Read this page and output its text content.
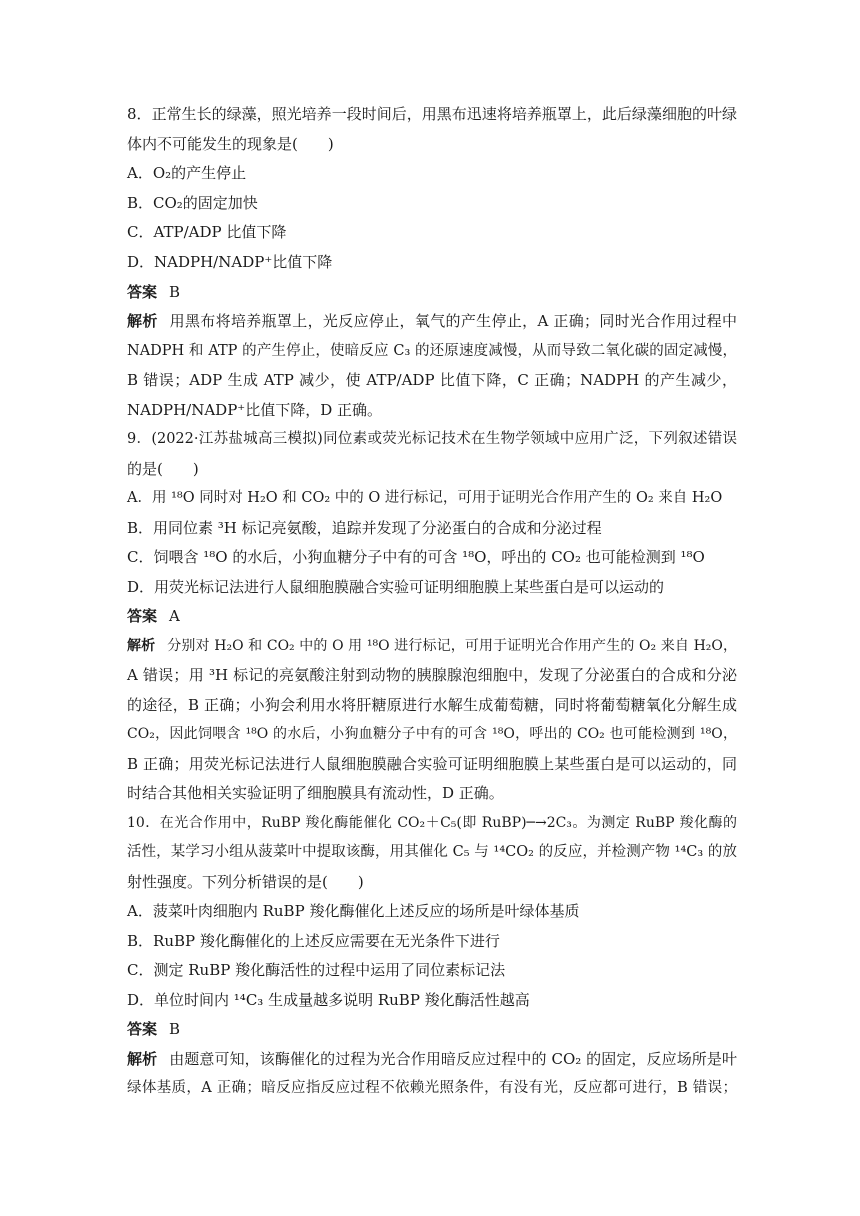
8．正常生长的绿藻，照光培养一段时间后，用黑布迅速将培养瓶罩上，此后绿藻细胞的叶绿
体内不可能发生的现象是(　　)
A．O₂的产生停止
B．CO₂的固定加快
C．ATP/ADP 比值下降
D．NADPH/NADP⁺比值下降
答案 B
解析 用黑布将培养瓶罩上，光反应停止，氧气的产生停止，A 正确；同时光合作用过程中
NADPH 和 ATP 的产生停止，使暗反应 C₃ 的还原速度减慢，从而导致二氧化碳的固定减慢，
B 错误；ADP 生成 ATP 减少，使 ATP/ADP 比值下降，C 正确；NADPH 的产生减少，
NADPH/NADP⁺比值下降，D 正确。
9．(2022·江苏盐城高三模拟)同位素或荧光标记技术在生物学领域中应用广泛，下列叙述错误
的是(　　)
A．用 ¹⁸O 同时对 H₂O 和 CO₂ 中的 O 进行标记，可用于证明光合作用产生的 O₂ 来自 H₂O
B．用同位素 ³H 标记亮氨酸，追踪并发现了分泌蛋白的合成和分泌过程
C．饲喂含 ¹⁸O 的水后，小狗血糖分子中有的可含 ¹⁸O，呼出的 CO₂ 也可能检测到 ¹⁸O
D．用荧光标记法进行人鼠细胞膜融合实验可证明细胞膜上某些蛋白是可以运动的
答案 A
解析 分别对 H₂O 和 CO₂ 中的 O 用 ¹⁸O 进行标记，可用于证明光合作用产生的 O₂ 来自 H₂O，
A 错误；用 ³H 标记的亮氨酸注射到动物的胰腺腺泡细胞中，发现了分泌蛋白的合成和分泌
的途径，B 正确；小狗会利用水将肝糖原进行水解生成葡萄糖，同时将葡萄糖氧化分解生成
CO₂，因此饲喂含 ¹⁸O 的水后，小狗血糖分子中有的可含 ¹⁸O，呼出的 CO₂ 也可能检测到 ¹⁸O，
B 正确；用荧光标记法进行人鼠细胞膜融合实验可证明细胞膜上某些蛋白是可以运动的，同
时结合其他相关实验证明了细胞膜具有流动性，D 正确。
10．在光合作用中，RuBP 羧化酶能催化 CO₂＋C₅(即 RuBP)─→2C₃。为测定 RuBP 羧化酶的
活性，某学习小组从菠菜叶中提取该酶，用其催化 C₅ 与 ¹⁴CO₂ 的反应，并检测产物 ¹⁴C₃ 的放
射性强度。下列分析错误的是(　　)
A．菠菜叶肉细胞内 RuBP 羧化酶催化上述反应的场所是叶绿体基质
B．RuBP 羧化酶催化的上述反应需要在无光条件下进行
C．测定 RuBP 羧化酶活性的过程中运用了同位素标记法
D．单位时间内 ¹⁴C₃ 生成量越多说明 RuBP 羧化酶活性越高
答案 B
解析 由题意可知，该酶催化的过程为光合作用暗反应过程中的 CO₂ 的固定，反应场所是叶
绿体基质，A 正确；暗反应指反应过程不依赖光照条件，有没有光，反应都可进行，B 错误；
